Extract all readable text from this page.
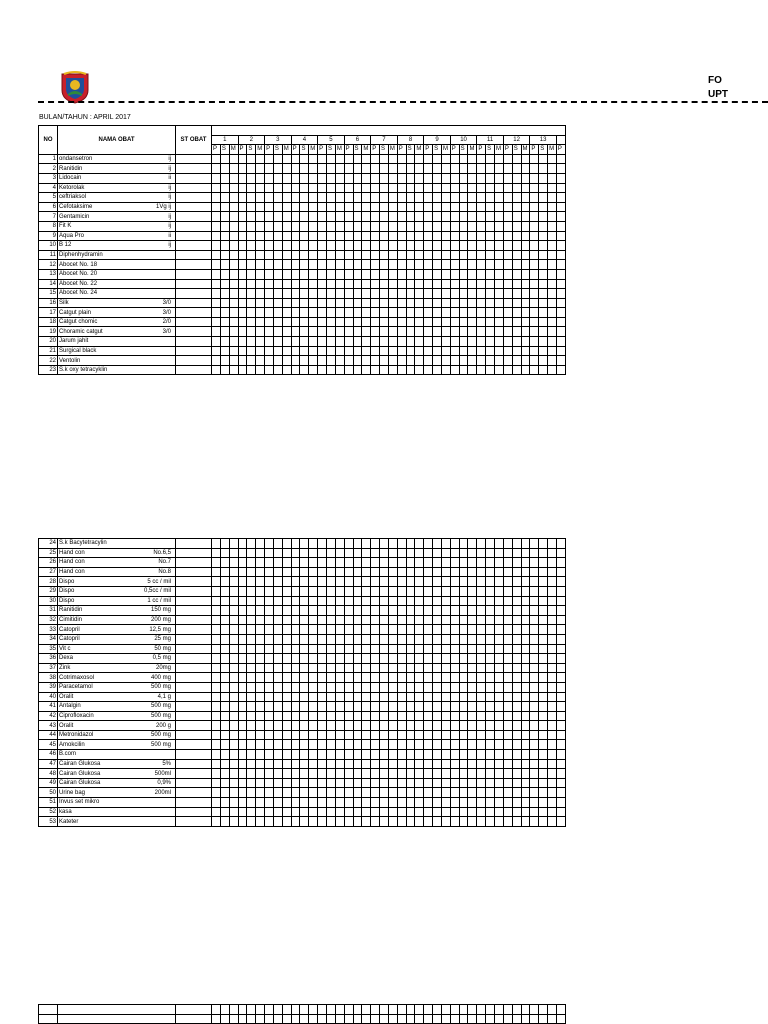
FO
UPT
BULAN/TAHUN : APRIL 2017
NO	NAMA OBAT	ST OBAT																																								
			1			2			3			4			5			6			7			8			9			10			11			12			13			
			P	S	M	P	S	M	P	S	M	P	S	M	P	S	M	P	S	M	P	S	M	P	S	M	P	S	M	P	S	M	P	S	M	P	S	M	P	S	M	P
1	ondansetron ij																																									

2	Ranitidin ij																																									

3	Lidocain ii																																									

4	Ketorolak ij																																									

5	ceftriaksol ij																																									

6	Cefotaksime 1Vg ij																																									

7	Gentamicin ij																																									

8	Fit K ij																																									

9	Aqua Pro ii																																									

10	B 12 ij																																									

11	Diphenhydramin																																									

12	Abocet No. 18																																									

13	Abocet No. 20																																									

14	Abocet No. 22																																									

15	Abocet No. 24																																									

16	Silk 3/0																																									

17	Catgut plain 3/0																																									

18	Catgut chomic 2/0																																									

19	Choramic catgut 3/0																																									

20	Jarum jahit																																									

21	Surgical black																																									

22	Ventolin																																									

23	S.k oxy tetracyklin																																									

24	S.k Bacytetracylin																																									

25	Hand con No.6,5																																									

26	Hand con No.7																																									

27	Hand con No.8																																									

28	Dispo 5 cc / mil																																									

29	Dispo 0,5cc / mil																																									

30	Dispo 1 cc / mil																																									

31	Ranitidin 150 mg																																									

32	Cimitidin 200 mg																																									

33	Catopril 12,5 mg																																									

34	Catopril 25 mg																																									

35	Vit c 50 mg																																									

36	Dexa 0,5 mg																																									

37	Zink 20mg																																									

38	Cotrimaxosol 400 mg																																									

39	Paracetamol 500 mg																																									

40	Oralit 4,1 g																																									

41	Antalgin 500 mg																																									

42	Ciprofloxacin 500 mg																																									

43	Oralit 200 g																																									

44	Metronidazol 500 mg																																									

45	Amokcilin 500 mg																																									

46	B.com																																									

47	Cairan Glukosa 5%																																									

48	Cairan Glukosa 500ml																																									

49	Cairan Glukosa 0,9%																																									

50	Urine bag 200ml																																									

51	Invus set mikro																																									

52	kasa																																									

53	Kateter																																									
